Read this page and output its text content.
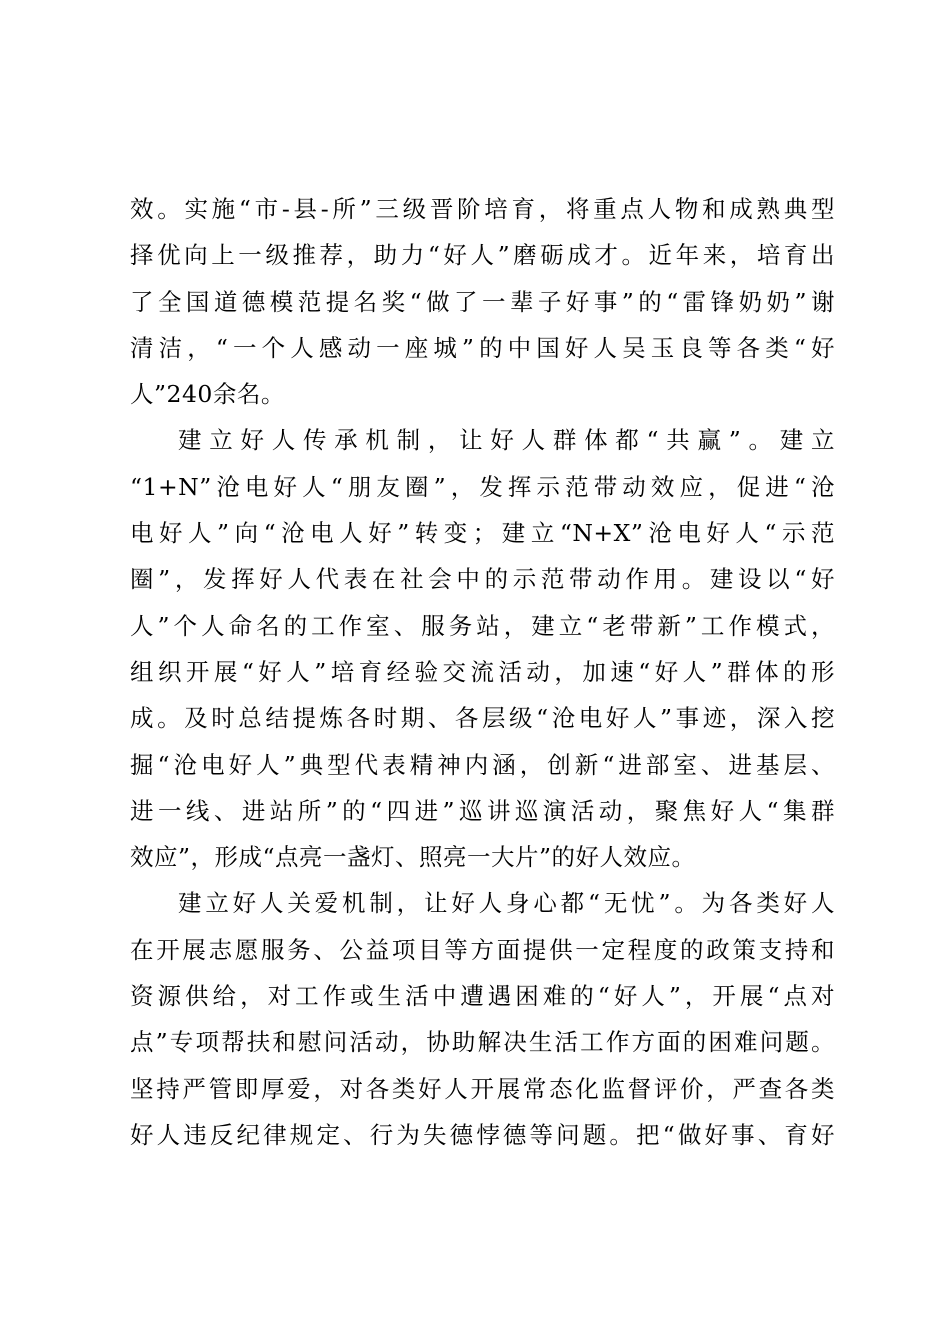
效。实施“市-县-所”三级晋阶培育，将重点人物和成熟典型
择优向上一级推荐，助力“好人”磨砺成才。近年来，培育出
了全国道德模范提名奖“做了一辈子好事”的“雷锋奶奶”谢
清洁，“一个人感动一座城”的中国好人吴玉良等各类“好
人”240余名。
建立好人传承机制，让好人群体都“共赢”。建立
“1+N”沧电好人“朋友圈”，发挥示范带动效应，促进“沧
电好人”向“沧电人好”转变；建立“N+X”沧电好人“示范
圈”，发挥好人代表在社会中的示范带动作用。建设以“好
人”个人命名的工作室、服务站，建立“老带新”工作模式，
组织开展“好人”培育经验交流活动，加速“好人”群体的形
成。及时总结提炼各时期、各层级“沧电好人”事迹，深入挖
掘“沧电好人”典型代表精神内涵，创新“进部室、进基层、
进一线、进站所”的“四进”巡讲巡演活动，聚焦好人“集群
效应”，形成“点亮一盏灯、照亮一大片”的好人效应。
建立好人关爱机制，让好人身心都“无忧”。为各类好人
在开展志愿服务、公益项目等方面提供一定程度的政策支持和
资源供给，对工作或生活中遭遇困难的“好人”，开展“点对
点”专项帮扶和慰问活动，协助解决生活工作方面的困难问题。
坚持严管即厚爱，对各类好人开展常态化监督评价，严查各类
好人违反纪律规定、行为失德悖德等问题。把“做好事、育好
